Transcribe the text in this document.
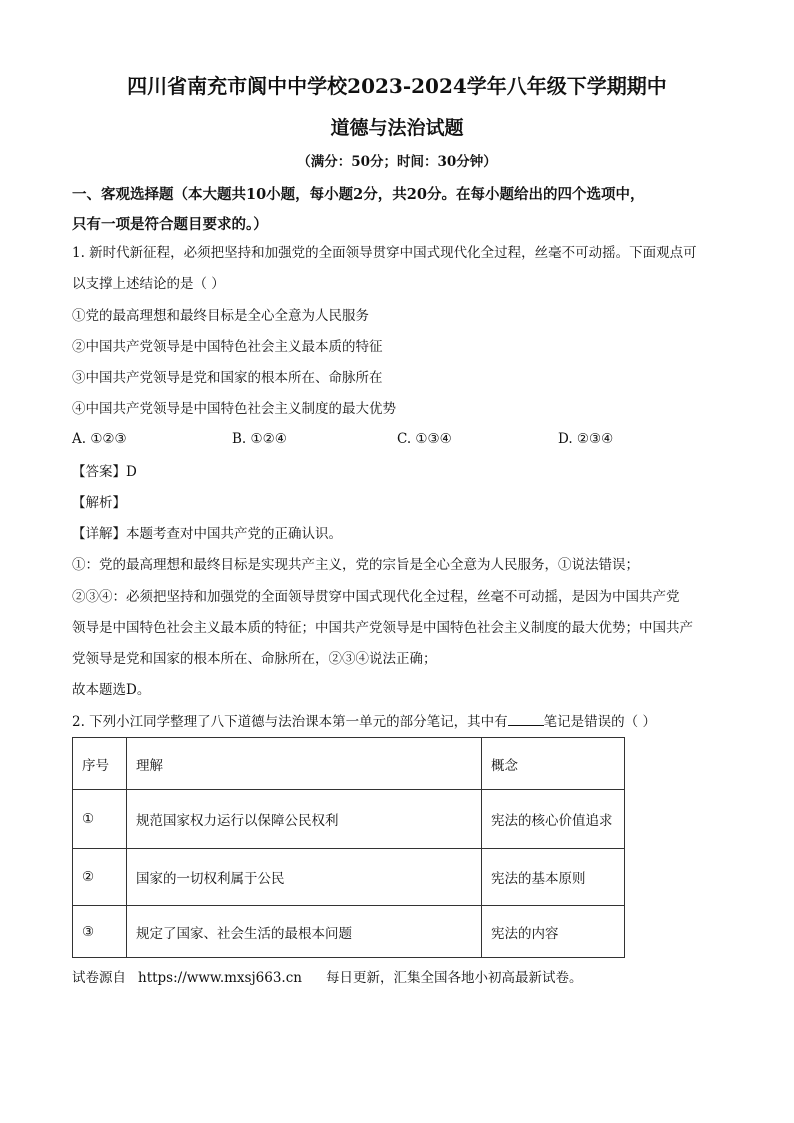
四川省南充市阆中中学校2023-2024学年八年级下学期期中
道德与法治试题
（满分：50分；时间：30分钟）
一、客观选择题（本大题共10小题，每小题2分，共20分。在每小题给出的四个选项中，
只有一项是符合题目要求的。）
1. 新时代新征程，必须把坚持和加强党的全面领导贯穿中国式现代化全过程，丝毫不可动摇。下面观点可
以支撑上述结论的是（ ）
①党的最高理想和最终目标是全心全意为人民服务
②中国共产党领导是中国特色社会主义最本质的特征
③中国共产党领导是党和国家的根本所在、命脉所在
④中国共产党领导是中国特色社会主义制度的最大优势
A. ①②③	B. ①②④	C. ①③④	D. ②③④
【答案】D
【解析】
【详解】本题考查对中国共产党的正确认识。
①：党的最高理想和最终目标是实现共产主义，党的宗旨是全心全意为人民服务，①说法错误；
②③④：必须把坚持和加强党的全面领导贯穿中国式现代化全过程，丝毫不可动摇，是因为中国共产党
领导是中国特色社会主义最本质的特征；中国共产党领导是中国特色社会主义制度的最大优势；中国共产
党领导是党和国家的根本所在、命脉所在，②③④说法正确；
故本题选D。
2. 下列小江同学整理了八下道德与法治课本第一单元的部分笔记，其中有	笔记是错误的（ ）
序号	理解	概念
①	规范国家权力运行以保障公民权利	宪法的核心价值追求
②	国家的一切权利属于公民	宪法的基本原则
③	规定了国家、社会生活的最根本问题	宪法的内容
试卷源自 https://www.mxsj663.cn 每日更新，汇集全国各地小初高最新试卷。
